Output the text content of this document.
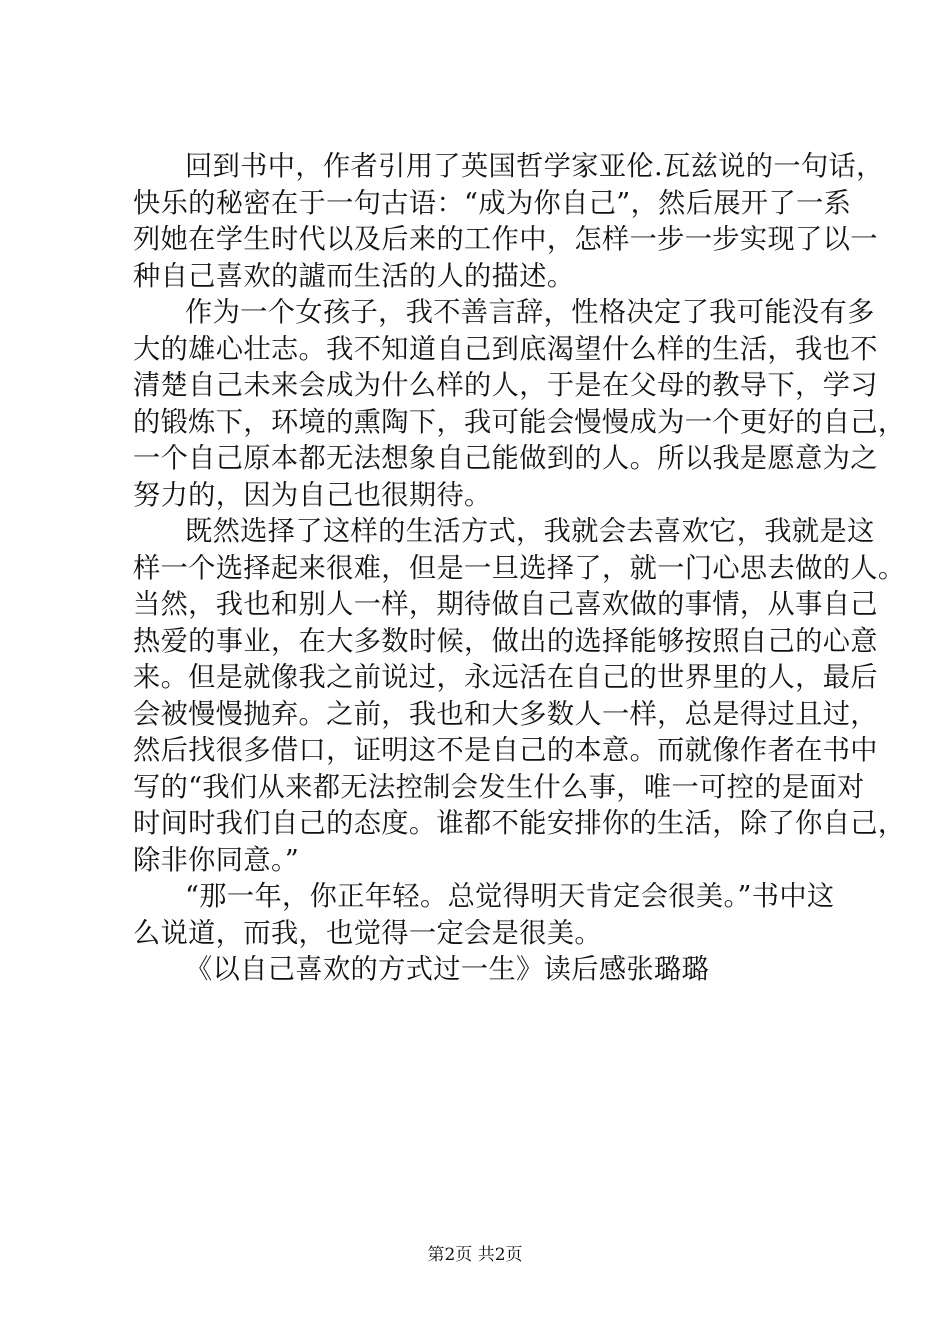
回到书中，作者引用了英国哲学家亚伦.瓦兹说的一句话，
快乐的秘密在于一句古语：“成为你自己”，然后展开了一系
列她在学生时代以及后来的工作中，怎样一步一步实现了以一
种自己喜欢的謯而生活的人的描述。
作为一个女孩子，我不善言辞，性格决定了我可能没有多
大的雄心壮志。我不知道自己到底渴望什么样的生活，我也不
清楚自己未来会成为什么样的人，于是在父母的教导下，学习
的锻炼下，环境的熏陶下，我可能会慢慢成为一个更好的自己，
一个自己原本都无法想象自己能做到的人。所以我是愿意为之
努力的，因为自己也很期待。
既然选择了这样的生活方式，我就会去喜欢它，我就是这
样一个选择起来很难，但是一旦选择了，就一门心思去做的人。
当然，我也和别人一样，期待做自己喜欢做的事情，从事自己
热爱的事业，在大多数时候，做出的选择能够按照自己的心意
来。但是就像我之前说过，永远活在自己的世界里的人，最后
会被慢慢抛弃。之前，我也和大多数人一样，总是得过且过，
然后找很多借口，证明这不是自己的本意。而就像作者在书中
写的“我们从来都无法控制会发生什么事，唯一可控的是面对
时间时我们自己的态度。谁都不能安排你的生活，除了你自己，
除非你同意。”
“那一年，你正年轻。总觉得明天肯定会很美。”书中这
么说道，而我，也觉得一定会是很美。
《以自己喜欢的方式过一生》读后感张璐璐
第2页 共2页
